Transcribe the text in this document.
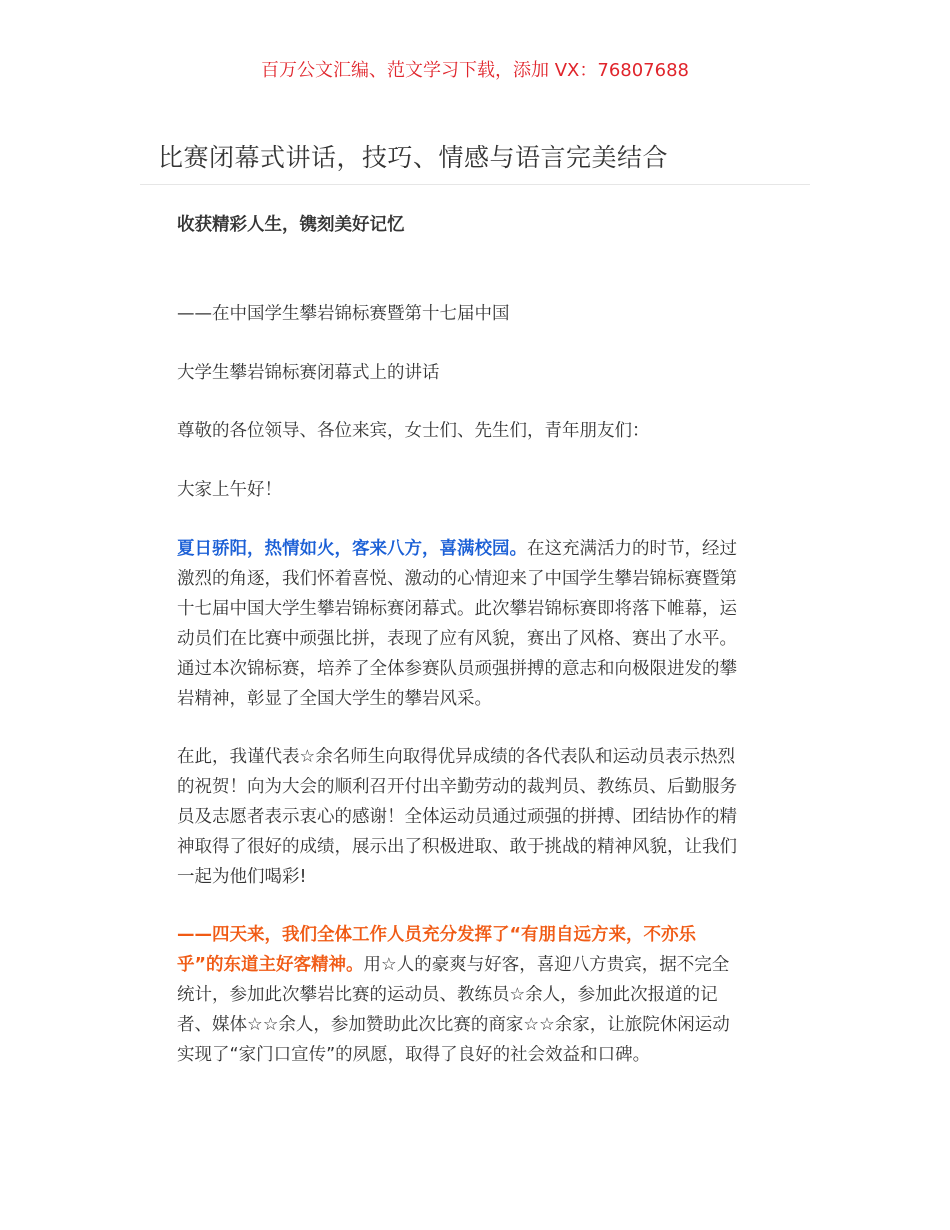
百万公文汇编、范文学习下载，添加 VX：76807688
比赛闭幕式讲话，技巧、情感与语言完美结合
收获精彩人生，镌刻美好记忆
——在中国学生攀岩锦标赛暨第十七届中国
大学生攀岩锦标赛闭幕式上的讲话
尊敬的各位领导、各位来宾，女士们、先生们，青年朋友们：
大家上午好！
夏日骄阳，热情如火，客来八方，喜满校园。在这充满活力的时节，经过
激烈的角逐，我们怀着喜悦、激动的心情迎来了中国学生攀岩锦标赛暨第
十七届中国大学生攀岩锦标赛闭幕式。此次攀岩锦标赛即将落下帷幕，运
动员们在比赛中顽强比拼，表现了应有风貌，赛出了风格、赛出了水平。
通过本次锦标赛，培养了全体参赛队员顽强拼搏的意志和向极限进发的攀
岩精神，彰显了全国大学生的攀岩风采。
在此，我谨代表☆余名师生向取得优异成绩的各代表队和运动员表示热烈
的祝贺！向为大会的顺利召开付出辛勤劳动的裁判员、教练员、后勤服务
员及志愿者表示衷心的感谢！全体运动员通过顽强的拼搏、团结协作的精
神取得了很好的成绩，展示出了积极进取、敢于挑战的精神风貌，让我们
一起为他们喝彩!
——四天来，我们全体工作人员充分发挥了“有朋自远方来，不亦乐
乎”的东道主好客精神。用☆人的豪爽与好客，喜迎八方贵宾，据不完全
统计，参加此次攀岩比赛的运动员、教练员☆余人，参加此次报道的记
者、媒体☆☆余人，参加赞助此次比赛的商家☆☆余家，让旅院休闲运动
实现了“家门口宣传”的夙愿，取得了良好的社会效益和口碑。
